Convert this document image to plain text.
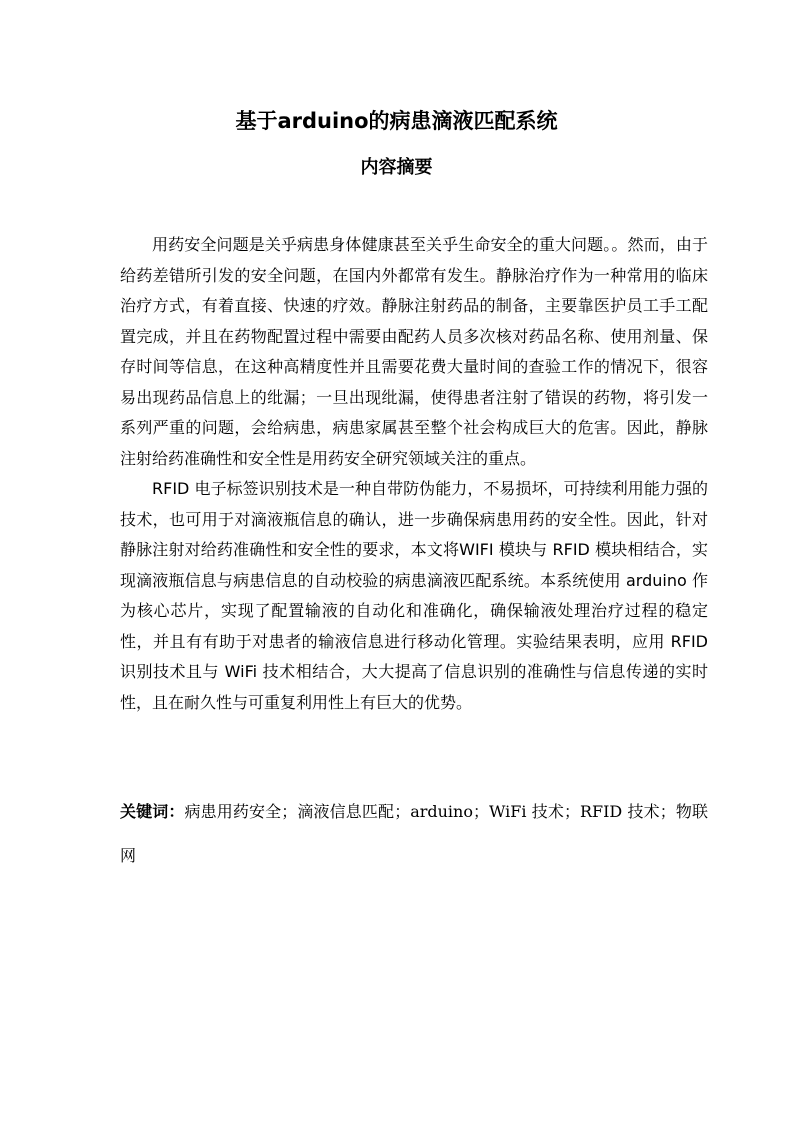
基于arduino的病患滴液匹配系统
内容摘要

用药安全问题是关乎病患身体健康甚至关乎生命安全的重大问题。。然而，由于给药差错所引发的安全问题，在国内外都常有发生。静脉治疗作为一种常用的临床治疗方式，有着直接、快速的疗效。静脉注射药品的制备，主要靠医护员工手工配置完成，并且在药物配置过程中需要由配药人员多次核对药品名称、使用剂量、保存时间等信息，在这种高精度性并且需要花费大量时间的查验工作的情况下，很容易出现药品信息上的纰漏；一旦出现纰漏，使得患者注射了错误的药物，将引发一系列严重的问题，会给病患，病患家属甚至整个社会构成巨大的危害。因此，静脉注射给药准确性和安全性是用药安全研究领域关注的重点。

RFID 电子标签识别技术是一种自带防伪能力，不易损坏，可持续利用能力强的技术，也可用于对滴液瓶信息的确认，进一步确保病患用药的安全性。因此，针对静脉注射对给药准确性和安全性的要求，本文将WIFI 模块与 RFID 模块相结合，实现滴液瓶信息与病患信息的自动校验的病患滴液匹配系统。本系统使用 arduino 作为核心芯片，实现了配置输液的自动化和准确化，确保输液处理治疗过程的稳定性，并且有有助于对患者的输液信息进行移动化管理。实验结果表明，应用 RFID 识别技术且与 WiFi 技术相结合，大大提高了信息识别的准确性与信息传递的实时性，且在耐久性与可重复利用性上有巨大的优势。

关键词：病患用药安全；滴液信息匹配；arduino；WiFi 技术；RFID 技术；物联网
